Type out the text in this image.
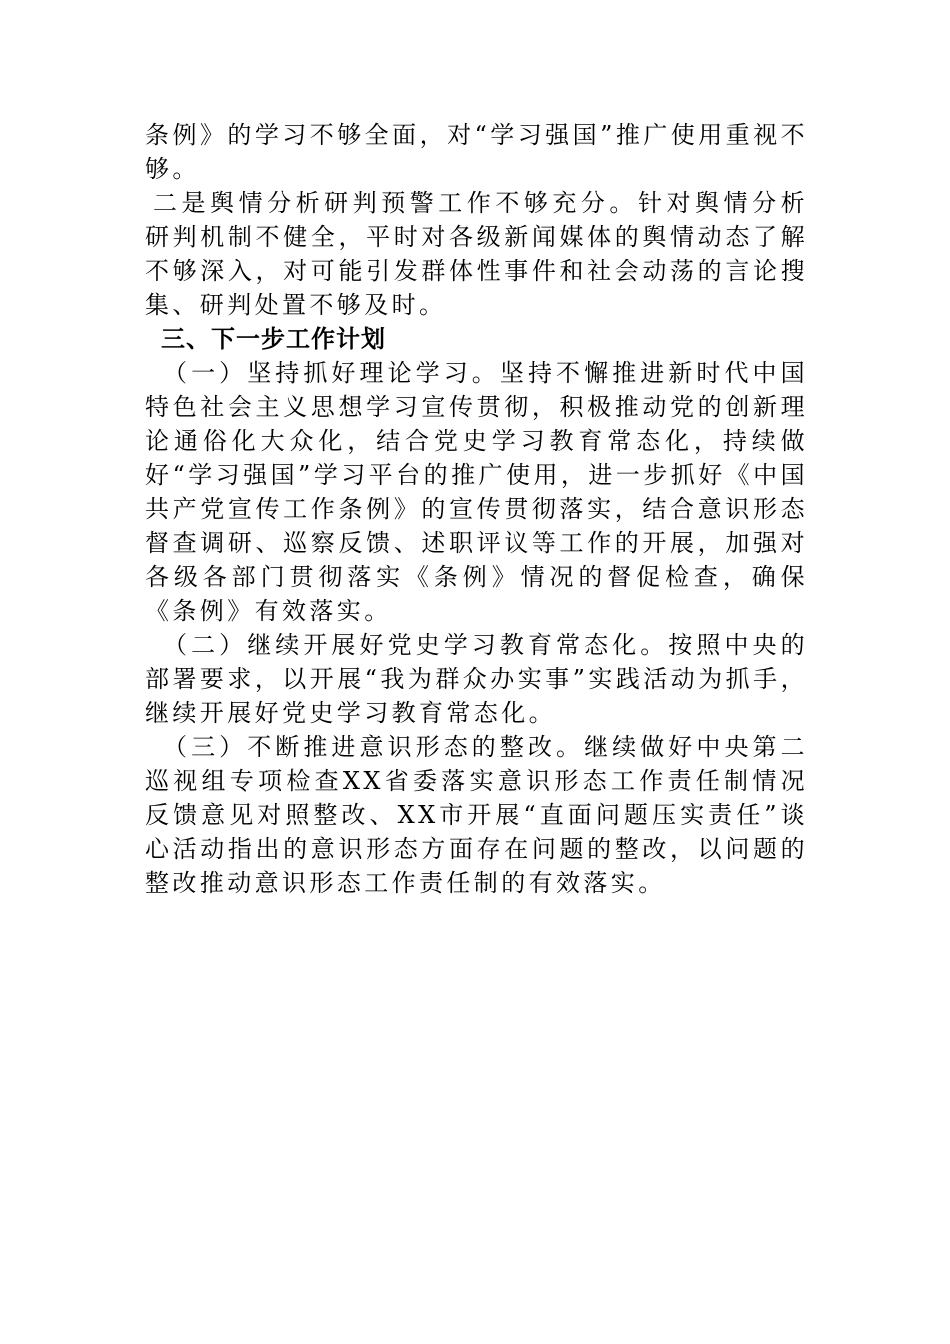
条例》的学习不够全面，对“学习强国”推广使用重视不够。

二是舆情分析研判预警工作不够充分。针对舆情分析研判机制不健全，平时对各级新闻媒体的舆情动态了解不够深入，对可能引发群体性事件和社会动荡的言论搜集、研判处置不够及时。

三、下一步工作计划

（一）坚持抓好理论学习。坚持不懈推进新时代中国特色社会主义思想学习宣传贯彻，积极推动党的创新理论通俗化大众化，结合党史学习教育常态化，持续做好“学习强国”学习平台的推广使用，进一步抓好《中国共产党宣传工作条例》的宣传贯彻落实，结合意识形态督查调研、巡察反馈、述职评议等工作的开展，加强对各级各部门贯彻落实《条例》情况的督促检查，确保《条例》有效落实。

（二）继续开展好党史学习教育常态化。按照中央的部署要求，以开展“我为群众办实事”实践活动为抓手，继续开展好党史学习教育常态化。

（三）不断推进意识形态的整改。继续做好中央第二巡视组专项检查XX省委落实意识形态工作责任制情况反馈意见对照整改、XX市开展“直面问题压实责任”谈心活动指出的意识形态方面存在问题的整改，以问题的整改推动意识形态工作责任制的有效落实。
